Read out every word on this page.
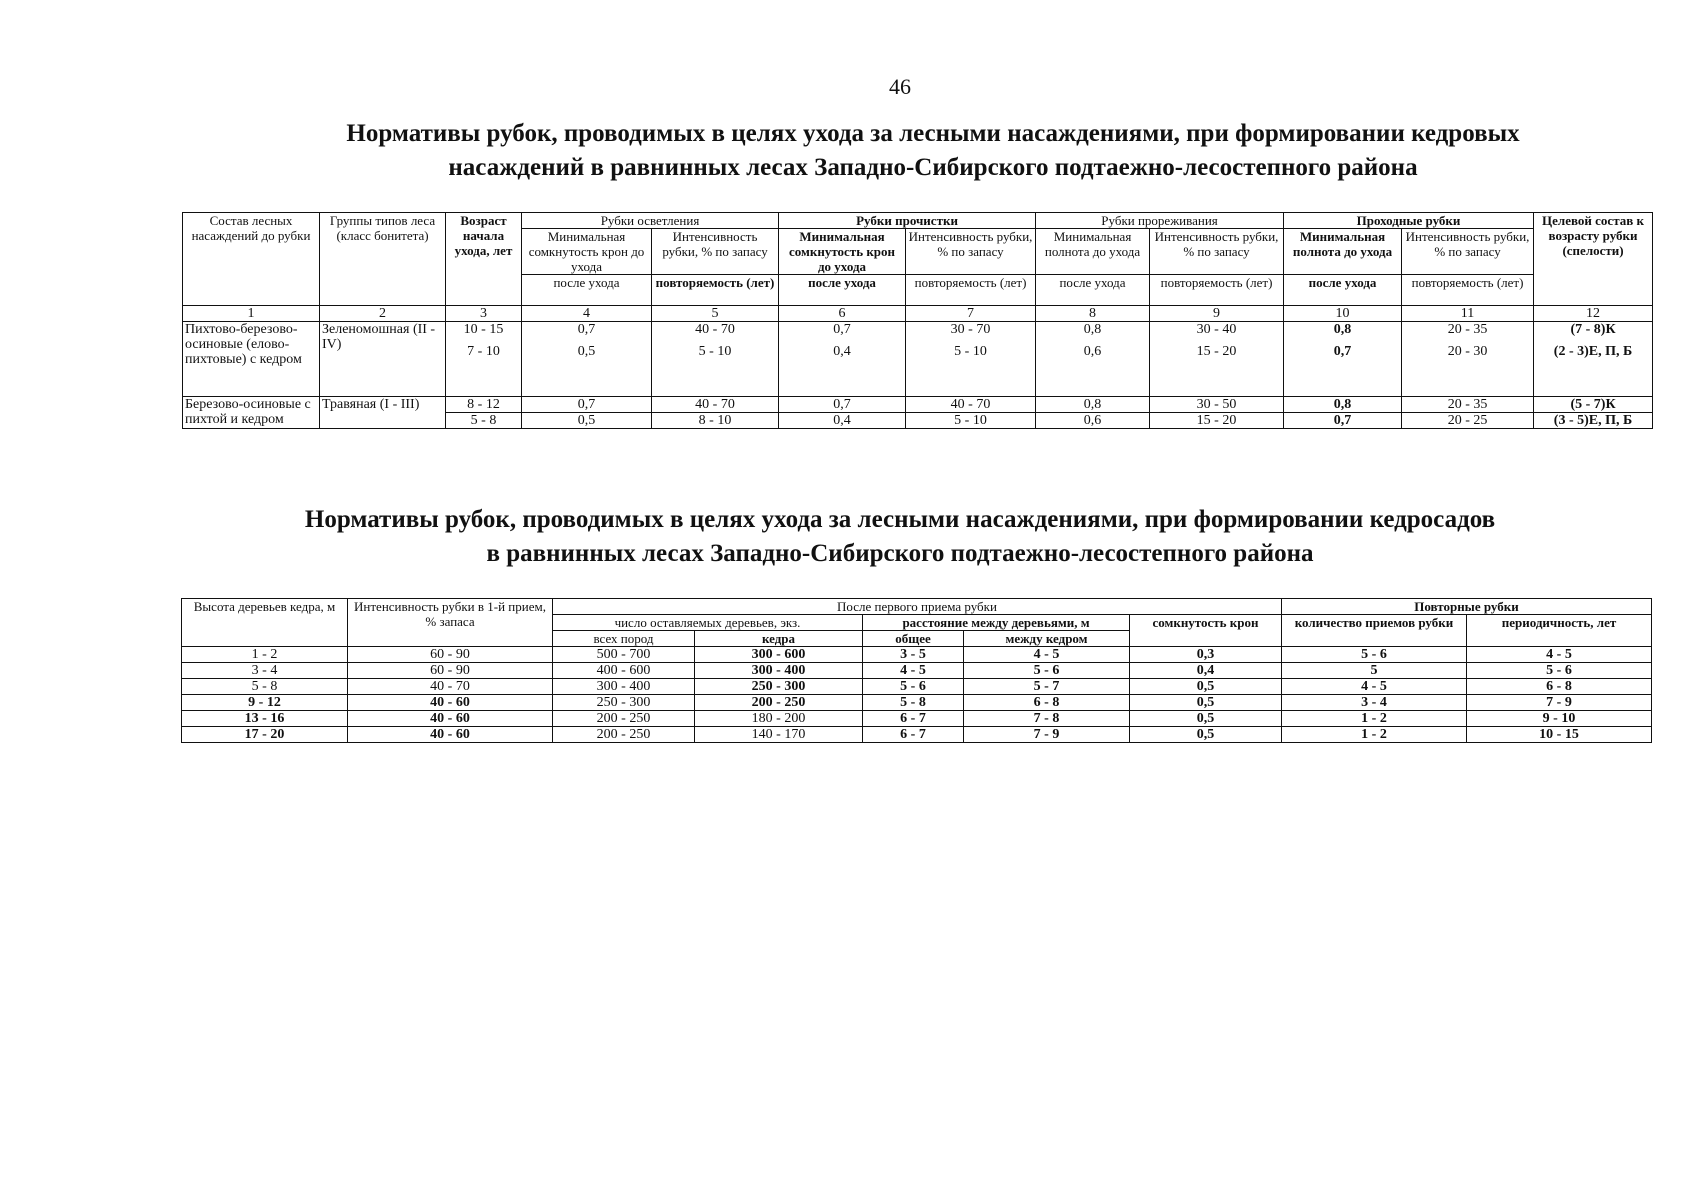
46
Нормативы рубок, проводимых в целях ухода за лесными насаждениями, при формировании кедровых
насаждений в равнинных лесах Западно-Сибирского подтаежно-лесостепного района
Состав лесных насаждений до рубки	Группы типов леса (класс бонитета)	Возраст начала ухода, лет	Рубки осветления		Рубки прочистки		Рубки прореживания		Проходные рубки		Целевой состав к возрасту рубки (спелости)
			Минимальная сомкнутость крон до ухода	Интенсивность рубки, % по запасу	Минимальная сомкнутость крон до ухода	Интенсивность рубки, % по запасу	Минимальная полнота до ухода	Интенсивность рубки, % по запасу	Минимальная полнота до ухода	Интенсивность рубки, % по запасу	
			после ухода	повторяемость (лет)	после ухода	повторяемость (лет)	после ухода	повторяемость (лет)	после ухода	повторяемость (лет)	
1	2	3	4	5	6	7	8	9	10	11	12
Пихтово-березово-осиновые (елово-пихтовые) с кедром	Зеленомошная (II - IV)	10 - 15	0,7	40 - 70	0,7	30 - 70	0,8	30 - 40	0,8	20 - 35	(7 - 8)К
		7 - 10	0,5	5 - 10	0,4	5 - 10	0,6	15 - 20	0,7	20 - 30	(2 - 3)Е, П, Б
Березово-осиновые с пихтой и кедром	Травяная (I - III)	8 - 12	0,7	40 - 70	0,7	40 - 70	0,8	30 - 50	0,8	20 - 35	(5 - 7)К
		5 - 8	0,5	8 - 10	0,4	5 - 10	0,6	15 - 20	0,7	20 - 25	(3 - 5)Е, П, Б
Нормативы рубок, проводимых в целях ухода за лесными насаждениями, при формировании кедросадов
в равнинных лесах Западно-Сибирского подтаежно-лесостепного района
Высота деревьев кедра, м	Интенсивность рубки в 1-й прием, % запаса	После первого приема рубки					Повторные рубки	
		число оставляемых деревьев, экз.		расстояние между деревьями, м		сомкнутость крон	количество приемов рубки	периодичность, лет
		всех пород	кедра	общее	между кедром			
1 - 2	60 - 90	500 - 700	300 - 600	3 - 5	4 - 5	0,3	5 - 6	4 - 5
3 - 4	60 - 90	400 - 600	300 - 400	4 - 5	5 - 6	0,4	5	5 - 6
5 - 8	40 - 70	300 - 400	250 - 300	5 - 6	5 - 7	0,5	4 - 5	6 - 8
9 - 12	40 - 60	250 - 300	200 - 250	5 - 8	6 - 8	0,5	3 - 4	7 - 9
13 - 16	40 - 60	200 - 250	180 - 200	6 - 7	7 - 8	0,5	1 - 2	9 - 10
17 - 20	40 - 60	200 - 250	140 - 170	6 - 7	7 - 9	0,5	1 - 2	10 - 15
